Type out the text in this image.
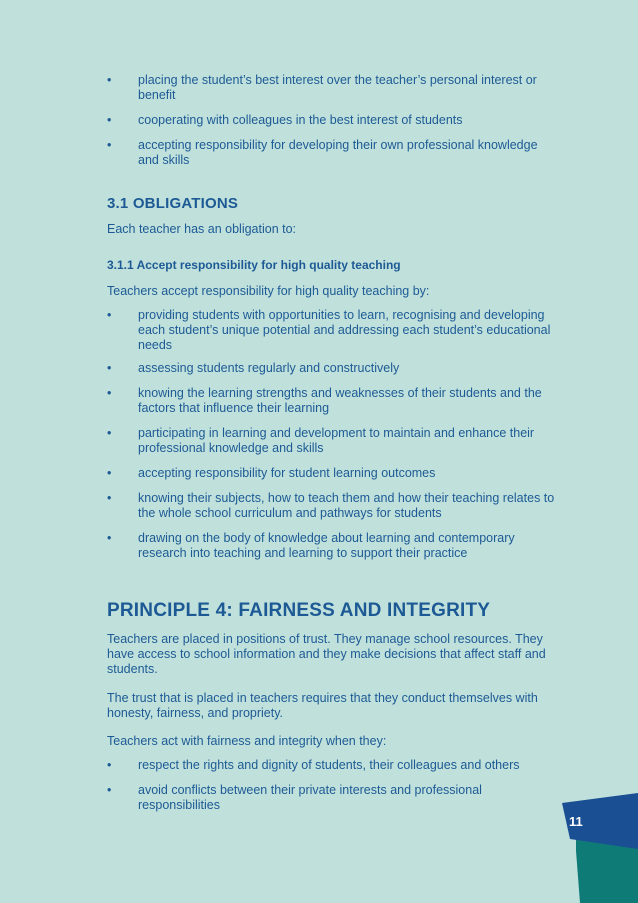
• placing the student’s best interest over the teacher’s personal interest or benefit
• cooperating with colleagues in the best interest of students
• accepting responsibility for developing their own professional knowledge and skills
3.1 OBLIGATIONS

Each teacher has an obligation to:

3.1.1 Accept responsibility for high quality teaching

Teachers accept responsibility for high quality teaching by:

• providing students with opportunities to learn, recognising and developing each student’s unique potential and addressing each student’s educational needs
• assessing students regularly and constructively
• knowing the learning strengths and weaknesses of their students and the factors that influence their learning
• participating in learning and development to maintain and enhance their professional knowledge and skills
• accepting responsibility for student learning outcomes
• knowing their subjects, how to teach them and how their teaching relates to the whole school curriculum and pathways for students
• drawing on the body of knowledge about learning and contemporary research into teaching and learning to support their practice
PRINCIPLE 4: FAIRNESS AND INTEGRITY

Teachers are placed in positions of trust. They manage school resources. They have access to school information and they make decisions that affect staff and students.

The trust that is placed in teachers requires that they conduct themselves with honesty, fairness, and propriety.

Teachers act with fairness and integrity when they:

• respect the rights and dignity of students, their colleagues and others
• avoid conflicts between their private interests and professional responsibilities
11
